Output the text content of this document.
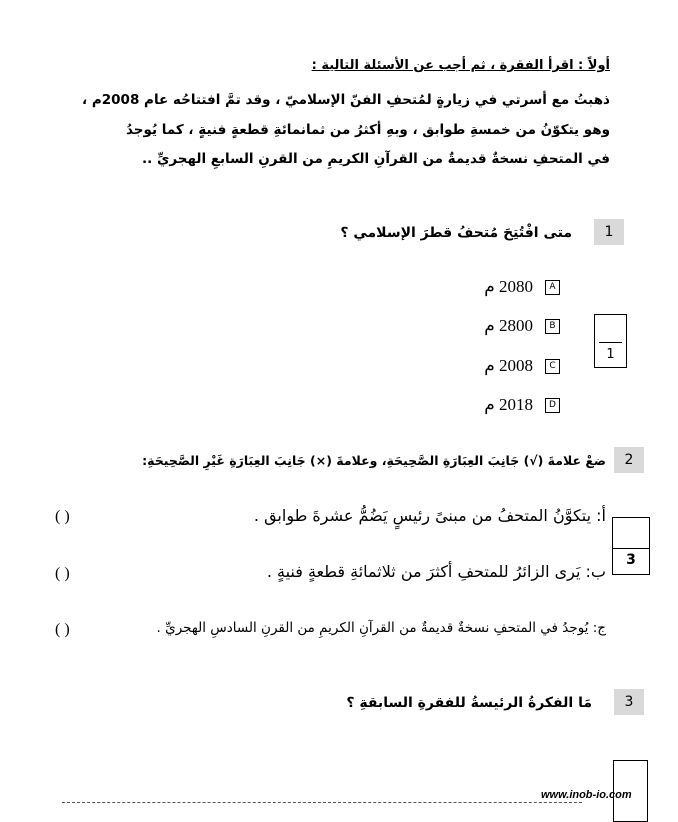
أولاً : اقرأ الفقرة ، ثم أجب عن الأسئلة التالية :
ذهبتُ مع أسرتي في زيارةٍ لمُتحفِ الفنّ الإسلاميّ ، وقد تمَّ افتتاحُه عام 2008م ،
وهو يتكوّنُ من خمسةِ طوابق ، وبهِ أكثرُ من ثمانمائةِ قطعةٍ فنيةٍ ، كما يُوجدُ
في المتحفِ نسخةٌ قديمةٌ من القرآنِ الكريمِ من القرنِ السابعِ الهجريِّ ..
1
متى افْتُتِحَ مُتحفُ قطرَ الإسلامي ؟
A
2080 م
B
2800 م
C
2008 م
D
2018 م
1
2
ضعْ علامةَ (√) جَانِبَ العِبَارَةِ الصَّحِيحَةِ، وعلامةَ (×) جَانِبَ العِبَارَةِ غَيْرِ الصَّحِيحَةِ:
أ: يتكوَّنُ المتحفُ من مبنىً رئيسٍ يَضُمُّ عشرةَ طوابق .
( )
ب: يَرى الزائرُ للمتحفِ أكثرَ من ثلاثمائةِ قطعةٍ فنيةٍ .
( )
ج: يُوجدُ في المتحفِ نسخةٌ قديمةٌ من القرآنِ الكريمِ من القرنِ السادسِ الهجريِّ .
( )
3
3
مَا الفكرةُ الرئيسةُ للفقرةِ السابقةِ ؟
www.inob-io.com
